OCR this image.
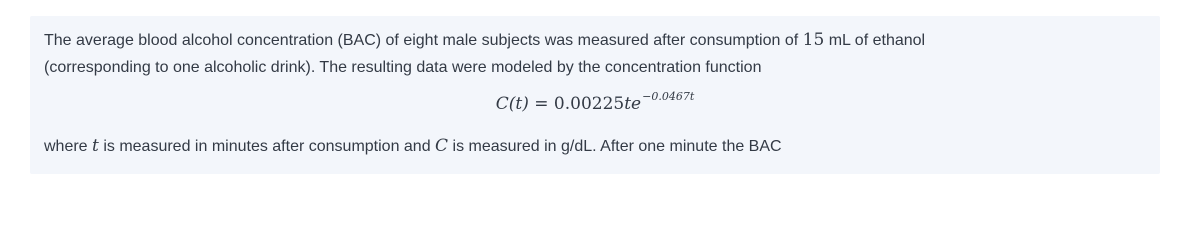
The average blood alcohol concentration (BAC) of eight male subjects was measured after consumption of 15 mL of ethanol
(corresponding to one alcoholic drink). The resulting data were modeled by the concentration function
$C(t) = 0.00225te^{-0.0467t}$
where t is measured in minutes after consumption and C is measured in g/dL. After one minute the BAC
